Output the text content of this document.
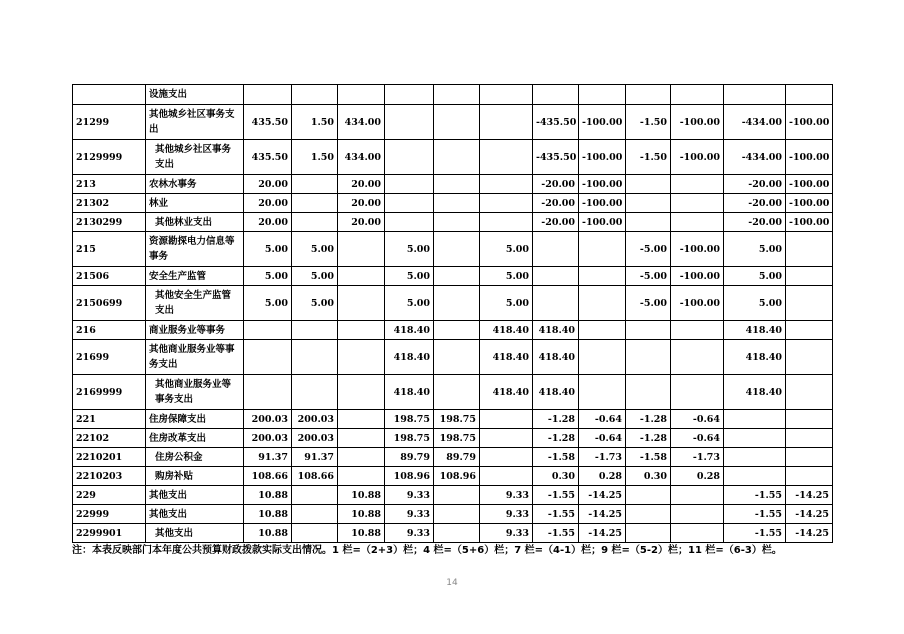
	设施支出												
21299	其他城乡社区事务支出	435.50	1.50	434.00				-435.50	-100.00	-1.50	-100.00	-434.00	-100.00
2129999	其他城乡社区事务支出	435.50	1.50	434.00				-435.50	-100.00	-1.50	-100.00	-434.00	-100.00
213	农林水事务	20.00		20.00				-20.00	-100.00			-20.00	-100.00
21302	林业	20.00		20.00				-20.00	-100.00			-20.00	-100.00
2130299	其他林业支出	20.00		20.00				-20.00	-100.00			-20.00	-100.00
215	资源勘探电力信息等事务	5.00	5.00		5.00		5.00			-5.00	-100.00	5.00	
21506	安全生产监管	5.00	5.00		5.00		5.00			-5.00	-100.00	5.00	
2150699	其他安全生产监管支出	5.00	5.00		5.00		5.00			-5.00	-100.00	5.00	
216	商业服务业等事务				418.40		418.40	418.40				418.40	
21699	其他商业服务业等事务支出				418.40		418.40	418.40				418.40	
2169999	其他商业服务业等事务支出				418.40		418.40	418.40				418.40	
221	住房保障支出	200.03	200.03		198.75	198.75		-1.28	-0.64	-1.28	-0.64		
22102	住房改革支出	200.03	200.03		198.75	198.75		-1.28	-0.64	-1.28	-0.64		
2210201	住房公积金	91.37	91.37		89.79	89.79		-1.58	-1.73	-1.58	-1.73		
2210203	购房补贴	108.66	108.66		108.96	108.96		0.30	0.28	0.30	0.28		
229	其他支出	10.88		10.88	9.33		9.33	-1.55	-14.25			-1.55	-14.25
22999	其他支出	10.88		10.88	9.33		9.33	-1.55	-14.25			-1.55	-14.25
2299901	其他支出	10.88		10.88	9.33		9.33	-1.55	-14.25			-1.55	-14.25
注：本表反映部门本年度公共预算财政拨款实际支出情况。1 栏=（2+3）栏；4 栏=（5+6）栏；7 栏=（4-1）栏；9 栏=（5-2）栏；11 栏=（6-3）栏。
14
